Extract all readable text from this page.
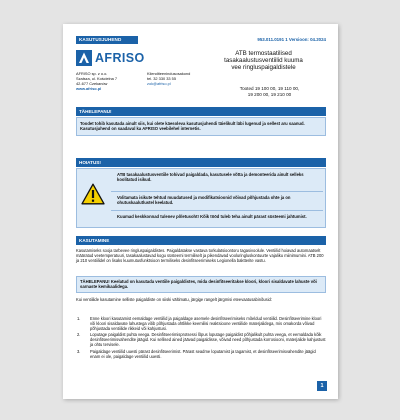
KASUTUSJUHEND	953.011.0191 1 Versioon: 04.2024
AFRISO	ATB termostaatilised
tasakaalustusventiilid kuuma
vee ringluspaigaldistele
AFRISO sp. z o.o.
Szałsza, ul. Kościelna 7
42-677 Czekanów
www.afriso.pl
Klienditeenindusosakond
tel. 32 330 33 55
zok@afriso.pl
Tooted 19 100 00, 19 110 00,
19 200 00, 19 210 00
TÄHELEPANU!
Toodet tohib kasutada ainult siis, kui olete käesoleva kasutusjuhendi täielikult läbi lugenud ja sellest aru saanud. Kasutusjuhend on saadaval ka AFRISO veebilehel internetis.
HOIATUS!
ATB tasakaalustusventiile tohivad paigaldada, kasutusele võtta ja demonteerida ainult selleks koolitatud isikud.
Volitamata isikute tehtud muudatused ja modifikatsioonid võivad põhjustada ohte ja on ohutuskaalutlustel keelatud.
Kuumad keskkonnad tulenev põletusoht! Kõik tööd tuleb teha ainult pärast süsteemi jahtumist.
KASUTAMINE
Kasutamiseks sooja tarbevee ringluspaigaldistes. Paigaldatakse vastava torkulatsioontoru tagasivoolule. Ventiilid hoiavad automaatselt määratud veetemperatuuri, tasakaalustavad kogu süsteemi termiliselt ja pikendavad vooluringluskontuurte vajaliku miinimumini. ATB 200 ja 210 ventiilidel on lisaks kuumutusfunktsioon termiliseks desinfitseerimiseks Legionella baktterite vastu.
TÄHELEPANU! Keelatud on kasutada ventiile paigaldistes, mida desinfitseeritakse kloori, kloori sisaldavate lahuste või sarnaste kemikaalidega.
Kui ventiilide kasutamine selliste paigaldiste on siiski vältimatu, järgige rangelt järgmisi eteevaatusabinõusid:
1. Enne kloori kasutamist eemaldage ventiilid ja paigaldage asemele desinfitseerimiseks mõeldud ventiilid. Desinfitseerimine kloori või kloori sisaldavate lahustega võib põhjustada ohtlikke keemilisi reaktsioone ventiilide materjalidega, mis omakorda võivad põhjustada ventiilide rikkeid või kahjustusi.
2. Loputage paigaldist puhta veega. Desinfitseerimisprotsessi lõpus loputage paigaldist põhjalikult puhta veega, et eemaldada kõik desinfitseerimisvahendite jäägid. Kui sellised ained jäävad paigaldisse, võivad need põhjustada korrosiooni, materjalide kahjustust ja ohtu tervisele.
3. Paigaldage ventiilid uuesti pärast desinfitseerimist. Pärast seadme loputamist ja tagamist, et desinfitseerimisvahendite jäägid enam ei ole, paigaldage ventiilid uuesti.
1
